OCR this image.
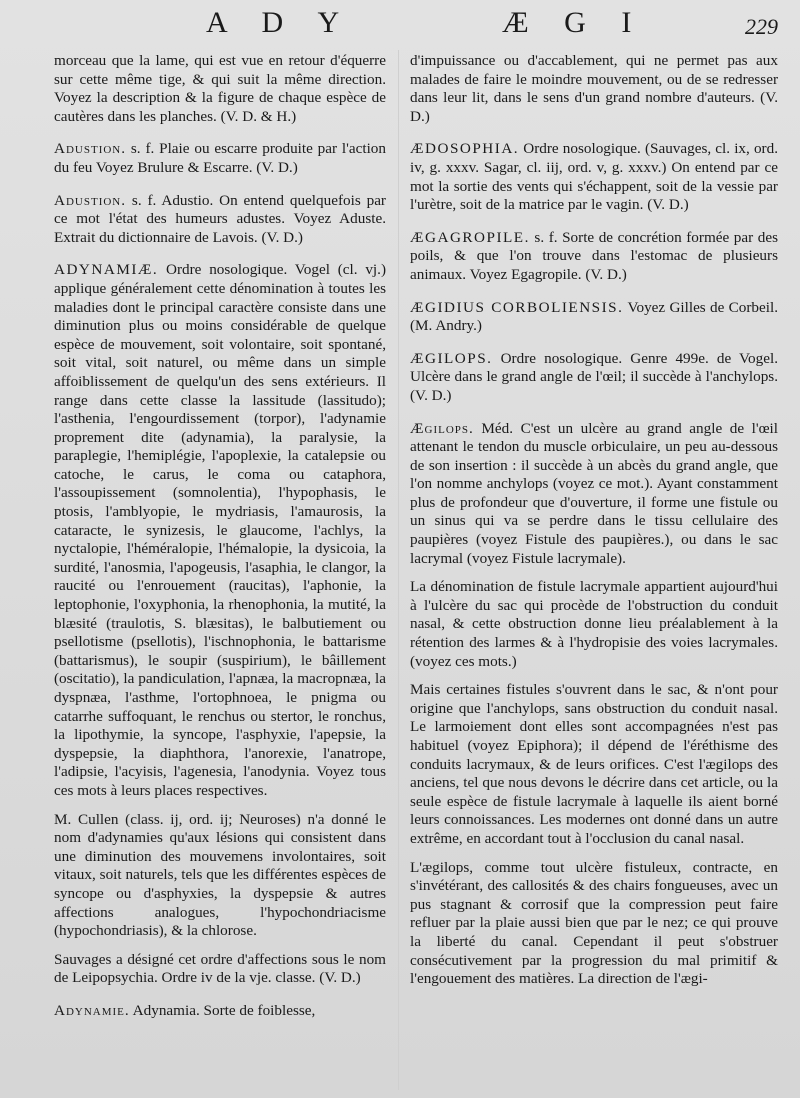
A D Y	Æ G I	229

morceau que la lame, qui est vue en retour d'équerre sur cette même tige, & qui suit la même direction. Voyez la description & la figure de chaque espèce de cautères dans les planches. (V. D. & H.)

Adustion. s. f. Plaie ou escarre produite par l'action du feu Voyez Brulure & Escarre. (V. D.)

Adustion. s. f. Adustio. On entend quelquefois par ce mot l'état des humeurs adustes. Voyez Aduste. Extrait du dictionnaire de Lavois. (V. D.)

ADYNAMIÆ. Ordre nosologique. Vogel (cl. vj.) applique généralement cette dénomination à toutes les maladies dont le principal caractère consiste dans une diminution plus ou moins considérable de quelque espèce de mouvement, soit volontaire, soit spontané, soit vital, soit naturel, ou même dans un simple affoiblissement de quelqu'un des sens extérieurs. Il range dans cette classe la lassitude (lassitudo); l'asthenia, l'engourdissement (torpor), l'adynamie proprement dite (adynamia), la paralysie, la paraplegie, l'hemiplégie, l'apoplexie, la catalepsie ou catoche, le carus, le coma ou cataphora, l'assoupissement (somnolentia), l'hypophasis, le ptosis, l'amblyopie, le mydriasis, l'amaurosis, la cataracte, le synizesis, le glaucome, l'achlys, la nyctalopie, l'héméralopie, l'hémalopie, la dysicoia, la surdité, l'anosmia, l'apogeusis, l'asaphia, le clangor, la raucité ou l'enrouement (raucitas), l'aphonie, la leptophonie, l'oxyphonia, la rhenophonia, la mutité, la blæsité (traulotis, S. blæsitas), le balbutiement ou psellotisme (psellotis), l'ischnophonia, le battarisme (battarismus), le soupir (suspirium), le bâillement (oscitatio), la pandiculation, l'apnæa, la macropnæa, la dyspnæa, l'asthme, l'ortophnoea, le pnigma ou catarrhe suffoquant, le renchus ou stertor, le ronchus, la lipothymie, la syncope, l'asphyxie, l'apepsie, la dyspepsie, la diaphthora, l'anorexie, l'anatrope, l'adipsie, l'acyisis, l'agenesia, l'anodynia. Voyez tous ces mots à leurs places respectives.

M. Cullen (class. ij, ord. ij; Neuroses) n'a donné le nom d'adynamies qu'aux lésions qui consistent dans une diminution des mouvemens involontaires, soit vitaux, soit naturels, tels que les différentes espèces de syncope ou d'asphyxies, la dyspepsie & autres affections analogues, l'hypochondriacisme (hypochondriasis), & la chlorose.

Sauvages a désigné cet ordre d'affections sous le nom de Leipopsychia. Ordre iv de la vje. classe. (V. D.)

Adynamie. Adynamia. Sorte de foiblesse,

d'impuissance ou d'accablement, qui ne permet pas aux malades de faire le moindre mouvement, ou de se redresser dans leur lit, dans le sens d'un grand nombre d'auteurs. (V. D.)

ÆDOSOPHIA. Ordre nosologique. (Sauvages, cl. ix, ord. iv, g. xxxv. Sagar, cl. iij, ord. v, g. xxxv.) On entend par ce mot la sortie des vents qui s'échappent, soit de la vessie par l'urètre, soit de la matrice par le vagin. (V. D.)

ÆGAGROPILE. s. f. Sorte de concrétion formée par des poils, & que l'on trouve dans l'estomac de plusieurs animaux. Voyez Egagropile. (V. D.)

ÆGIDIUS CORBOLIENSIS. Voyez Gilles de Corbeil. (M. Andry.)

ÆGILOPS. Ordre nosologique. Genre 499e. de Vogel. Ulcère dans le grand angle de l'œil; il succède à l'anchylops. (V. D.)

Ægilops. Méd. C'est un ulcère au grand angle de l'œil attenant le tendon du muscle orbiculaire, un peu au-dessous de son insertion : il succède à un abcès du grand angle, que l'on nomme anchylops (voyez ce mot.). Ayant constamment plus de profondeur que d'ouverture, il forme une fistule ou un sinus qui va se perdre dans le tissu cellulaire des paupières (voyez Fistule des paupières.), ou dans le sac lacrymal (voyez Fistule lacrymale).

La dénomination de fistule lacrymale appartient aujourd'hui à l'ulcère du sac qui procède de l'obstruction du conduit nasal, & cette obstruction donne lieu préalablement à la rétention des larmes & à l'hydropisie des voies lacrymales. (voyez ces mots.)

Mais certaines fistules s'ouvrent dans le sac, & n'ont pour origine que l'anchylops, sans obstruction du conduit nasal. Le larmoiement dont elles sont accompagnées n'est pas habituel (voyez Epiphora); il dépend de l'éréthisme des conduits lacrymaux, & de leurs orifices. C'est l'ægilops des anciens, tel que nous devons le décrire dans cet article, ou la seule espèce de fistule lacrymale à laquelle ils aient borné leurs connoissances. Les modernes ont donné dans un autre extrême, en accordant tout à l'occlusion du canal nasal.

L'ægilops, comme tout ulcère fistuleux, contracte, en s'invétérant, des callosités & des chairs fongueuses, avec un pus stagnant & corrosif que la compression peut faire refluer par la plaie aussi bien que par le nez; ce qui prouve la liberté du canal. Cependant il peut s'obstruer consécutivement par la progression du mal primitif & l'engouement des matières. La direction de l'ægi-
